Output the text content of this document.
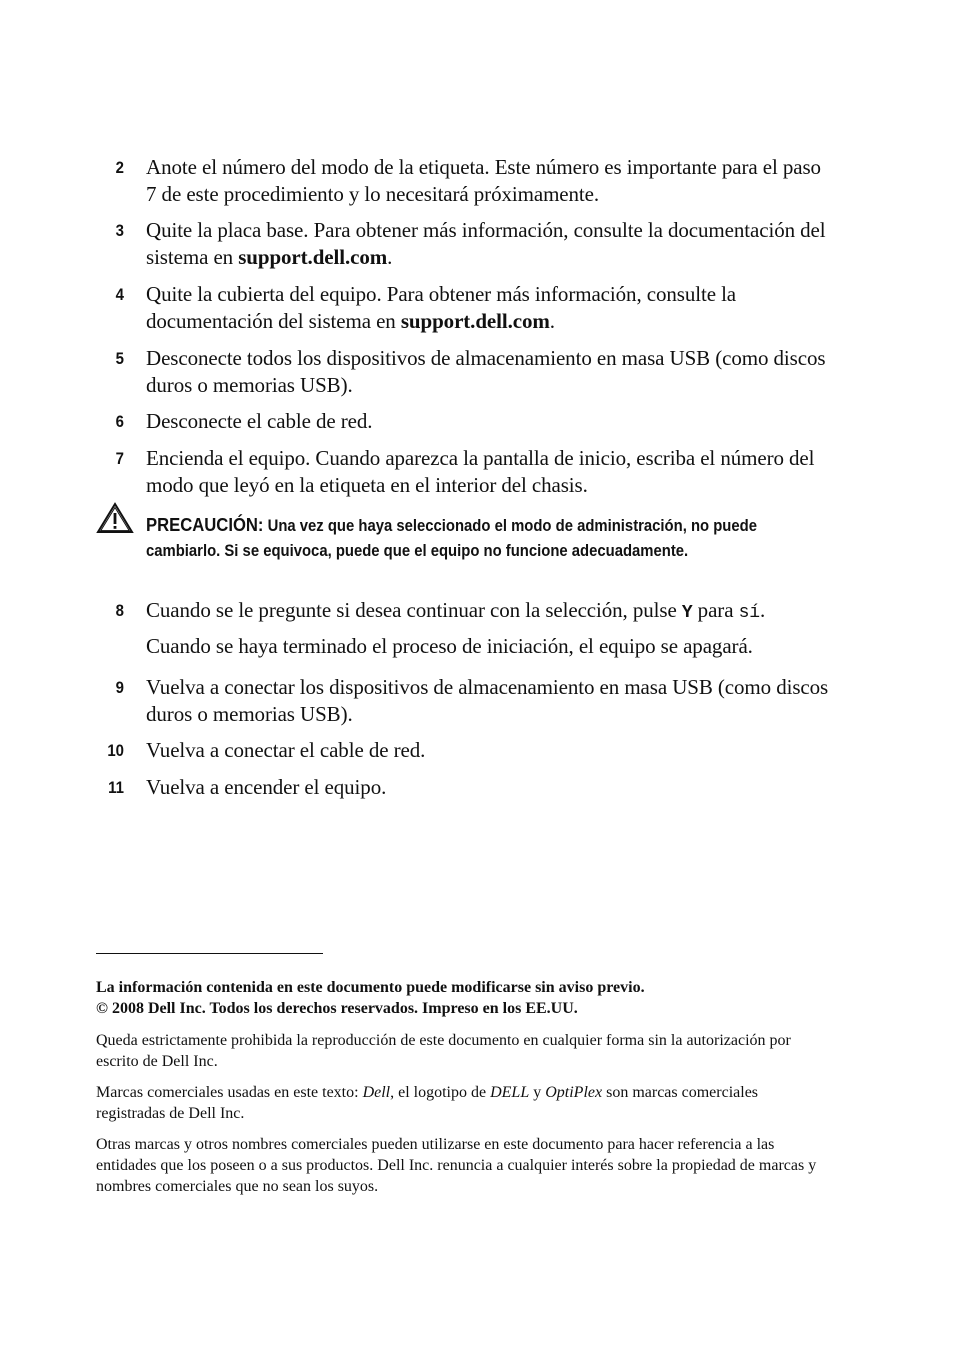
2 Anote el número del modo de la etiqueta. Este número es importante para el paso 7 de este procedimiento y lo necesitará próximamente.
3 Quite la placa base. Para obtener más información, consulte la documentación del sistema en support.dell.com.
4 Quite la cubierta del equipo. Para obtener más información, consulte la documentación del sistema en support.dell.com.
5 Desconecte todos los dispositivos de almacenamiento en masa USB (como discos duros o memorias USB).
6 Desconecte el cable de red.
7 Encienda el equipo. Cuando aparezca la pantalla de inicio, escriba el número del modo que leyó en la etiqueta en el interior del chasis.
PRECAUCIÓN: Una vez que haya seleccionado el modo de administración, no puede cambiarlo. Si se equivoca, puede que el equipo no funcione adecuadamente.
8 Cuando se le pregunte si desea continuar con la selección, pulse Y para sí.
Cuando se haya terminado el proceso de iniciación, el equipo se apagará.
9 Vuelva a conectar los dispositivos de almacenamiento en masa USB (como discos duros o memorias USB).
10 Vuelva a conectar el cable de red.
11 Vuelva a encender el equipo.
La información contenida en este documento puede modificarse sin aviso previo.
© 2008 Dell Inc. Todos los derechos reservados. Impreso en los EE.UU.
Queda estrictamente prohibida la reproducción de este documento en cualquier forma sin la autorización por escrito de Dell Inc.
Marcas comerciales usadas en este texto: Dell, el logotipo de DELL y OptiPlex son marcas comerciales registradas de Dell Inc.
Otras marcas y otros nombres comerciales pueden utilizarse en este documento para hacer referencia a las entidades que los poseen o a sus productos. Dell Inc. renuncia a cualquier interés sobre la propiedad de marcas y nombres comerciales que no sean los suyos.
